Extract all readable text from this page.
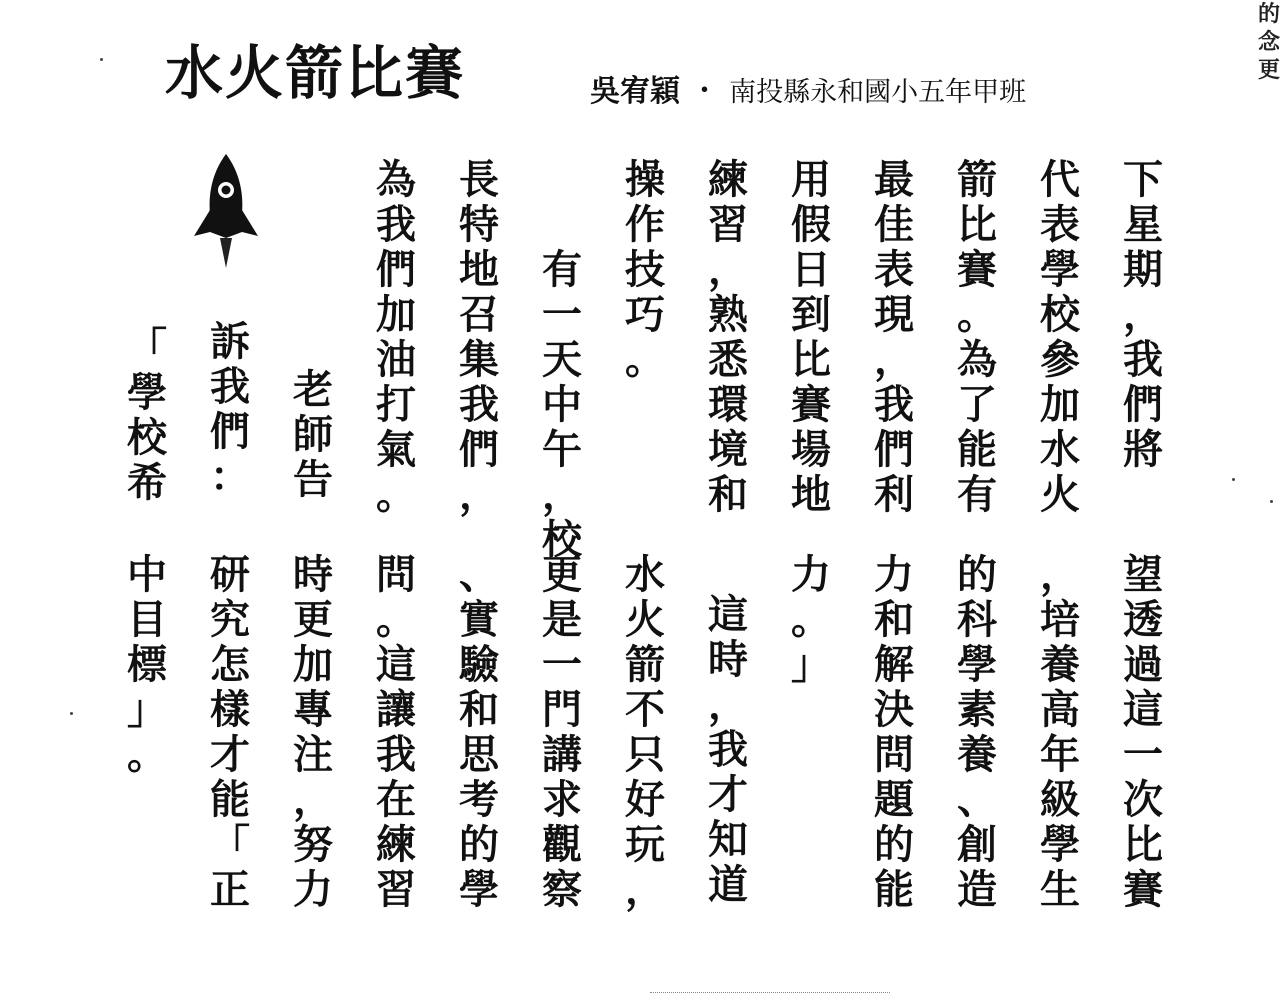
水火箭比賽	吳宥穎 ・ 南投縣永和國小五年甲班
下
星
期
，
我
們
將
代
表
學
校
參
加
水
火
箭
比
賽
。
為
了
能
有
最
佳
表
現
，
我
們
利
用
假
日
到
比
賽
場
地
練
習
，
熟
悉
環
境
和
操
作
技
巧
。
有
一
天
中
午
，
校
長
特
地
召
集
我
們
，
為
我
們
加
油
打
氣
。
老
師
告
訴
我
們
：
「
學
校
希
望
透
過
這
一
次
比
賽
，
培
養
高
年
級
學
生
的
科
學
素
養
、
創
造
力
和
解
決
問
題
的
能
力
。
」
這
時
，
我
才
知
道
水
火
箭
不
只
好
玩
，
更
是
一
門
講
求
觀
察
、
實
驗
和
思
考
的
學
問
。
這
讓
我
在
練
習
時
更
加
專
注
，
努
力
研
究
怎
樣
才
能
「
正
中
目
標
」
。
的
念
更
